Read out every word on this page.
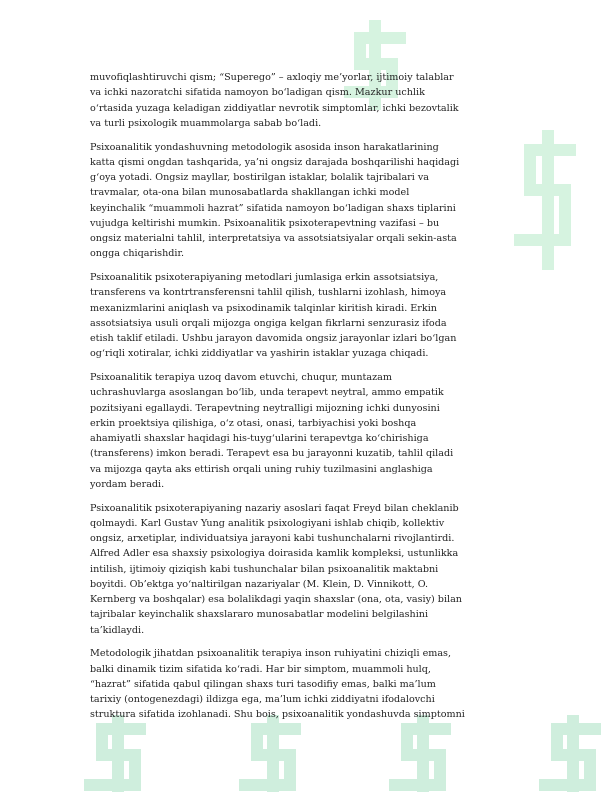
muvofiqlashtiruvchi qism; “Superego” – axloqiy me’yorlar, ijtimoiy talablar
va ichki nazoratchi sifatida namoyon bo‘ladigan qism. Mazkur uchlik
o‘rtasida yuzaga keladigan ziddiyatlar nevrotik simptomlar, ichki bezovtalik
va turli psixologik muammolarga sabab bo‘ladi.

Psixoanalitik yondashuvning metodologik asosida inson harakatlarining
katta qismi ongdan tashqarida, ya’ni ongsiz darajada boshqarilishi haqidagi
g‘oya yotadi. Ongsiz mayllar, bostirilgan istaklar, bolalik tajribalari va
travmalar, ota-ona bilan munosabatlarda shakllangan ichki model
keyinchalik “muammoli hazrat” sifatida namoyon bo‘ladigan shaxs tiplarini
vujudga keltirishi mumkin. Psixoanalitik psixoterapevtning vazifasi – bu
ongsiz materialni tahlil, interpretatsiya va assotsiatsiyalar orqali sekin-asta
ongga chiqarishdir.

Psixoanalitik psixoterapiyaning metodlari jumlasiga erkin assotsiatsiya,
transferens va kontrtransferensni tahlil qilish, tushlarni izohlash, himoya
mexanizmlarini aniqlash va psixodinamik talqinlar kiritish kiradi. Erkin
assotsiatsiya usuli orqali mijozga ongiga kelgan fikrlarni senzurasiz ifoda
etish taklif etiladi. Ushbu jarayon davomida ongsiz jarayonlar izlari bo‘lgan
og‘riqli xotiralar, ichki ziddiyatlar va yashirin istaklar yuzaga chiqadi.

Psixoanalitik terapiya uzoq davom etuvchi, chuqur, muntazam
uchrashuvlarga asoslangan bo‘lib, unda terapevt neytral, ammo empatik
pozitsiyani egallaydi. Terapevtning neytralligi mijozning ichki dunyosini
erkin proektsiya qilishiga, o‘z otasi, onasi, tarbiyachisi yoki boshqa
ahamiyatli shaxslar haqidagi his-tuyg‘ularini terapevtga ko‘chirishiga
(transferens) imkon beradi. Terapevt esa bu jarayonni kuzatib, tahlil qiladi
va mijozga qayta aks ettirish orqali uning ruhiy tuzilmasini anglashiga
yordam beradi.

Psixoanalitik psixoterapiyaning nazariy asoslari faqat Freyd bilan cheklanib
qolmaydi. Karl Gustav Yung analitik psixologiyani ishlab chiqib, kollektiv
ongsiz, arxetiplar, individuatsiya jarayoni kabi tushunchalarni rivojlantirdi.
Alfred Adler esa shaxsiy psixologiya doirasida kamlik kompleksi, ustunlikka
intilish, ijtimoiy qiziqish kabi tushunchalar bilan psixoanalitik maktabni
boyitdi. Ob’ektga yo‘naltirilgan nazariyalar (M. Klein, D. Vinnikott, O.
Kernberg va boshqalar) esa bolalikdagi yaqin shaxslar (ona, ota, vasiy) bilan
tajribalar keyinchalik shaxslararo munosabatlar modelini belgilashini
ta’kidlaydi.

Metodologik jihatdan psixoanalitik terapiya inson ruhiyatini chiziqli emas,
balki dinamik tizim sifatida ko‘radi. Har bir simptom, muammoli hulq,
“hazrat” sifatida qabul qilingan shaxs turi tasodifiy emas, balki ma’lum
tarixiy (ontogenezdagi) ildizga ega, ma’lum ichki ziddiyatni ifodalovchi
struktura sifatida izohlanadi. Shu bois, psixoanalitik yondashuvda simptomni
